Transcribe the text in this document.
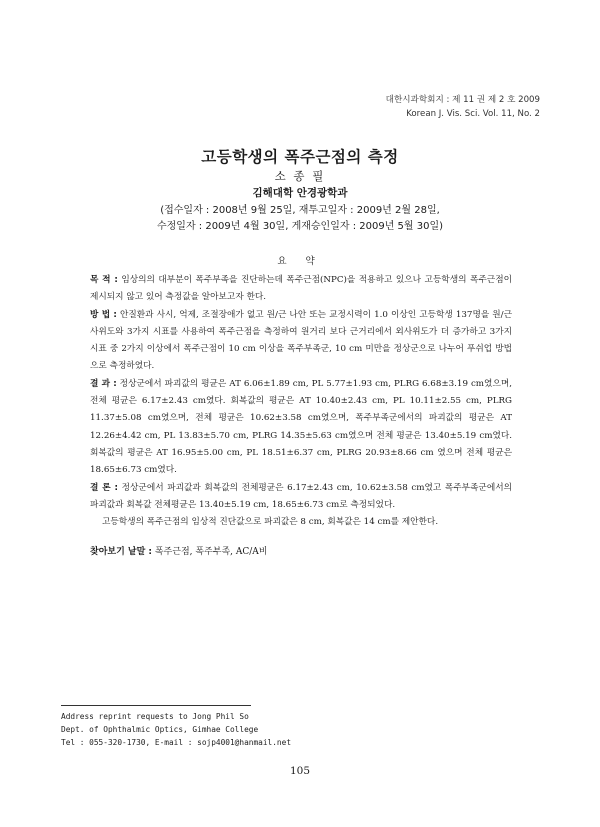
대한시과학회지 : 제 11 권 제 2 호 2009
Korean J. Vis. Sci. Vol. 11, No. 2
고등학생의 폭주근점의 측정
소 종 필
김해대학 안경광학과
(접수일자 : 2008년 9월 25일, 재투고일자 : 2009년 2월 28일,
수정일자 : 2009년 4월 30일, 게재승인일자 : 2009년 5월 30일)
요 약

목 적 : 임상의의 대부분이 폭주부족을 진단하는데 폭주근점(NPC)을 적용하고 있으나 고등학생의 폭주근점이 제시되지 않고 있어 측정값을 알아보고자 한다.

방 법 : 안질환과 사시, 억제, 조절장애가 없고 원/근 나안 또는 교정시력이 1.0 이상인 고등학생 137명을 원/근 사위도와 3가지 시표를 사용하여 폭주근점을 측정하여 원거리 보다 근거리에서 외사위도가 더 증가하고 3가지 시표 중 2가지 이상에서 폭주근점이 10 cm 이상을 폭주부족군, 10 cm 미만을 정상군으로 나누어 푸쉬업 방법으로 측정하였다.

결 과 : 정상군에서 파괴값의 평균은 AT 6.06±1.89 cm, PL 5.77±1.93 cm, PLRG 6.68±3.19 cm였으며, 전체 평균은 6.17±2.43 cm였다. 회복값의 평균은 AT 10.40±2.43 cm, PL 10.11±2.55 cm, PLRG 11.37±5.08 cm였으며, 전체 평균은 10.62±3.58 cm였으며, 폭주부족군에서의 파괴값의 평균은 AT 12.26±4.42 cm, PL 13.83±5.70 cm, PLRG 14.35±5.63 cm였으며 전체 평균은 13.40±5.19 cm였다. 회복값의 평균은 AT 16.95±5.00 cm, PL 18.51±6.37 cm, PLRG 20.93±8.66 cm 였으며 전체 평균은 18.65±6.73 cm였다.

결 론 : 정상군에서 파괴값과 회복값의 전체평균은 6.17±2.43 cm, 10.62±3.58 cm였고 폭주부족군에서의 파괴값과 회복값 전체평균은 13.40±5.19 cm, 18.65±6.73 cm로 측정되었다.

고등학생의 폭주근점의 임상적 진단값으로 파괴값은 8 cm, 회복값은 14 cm를 제안한다.

찾아보기 낱말 : 폭주근점, 폭주부족, AC/A비
Address reprint requests to Jong Phil So
Dept. of Ophthalmic Optics, Gimhae College
Tel : 055-320-1730, E-mail : sojp4001@hanmail.net
105
